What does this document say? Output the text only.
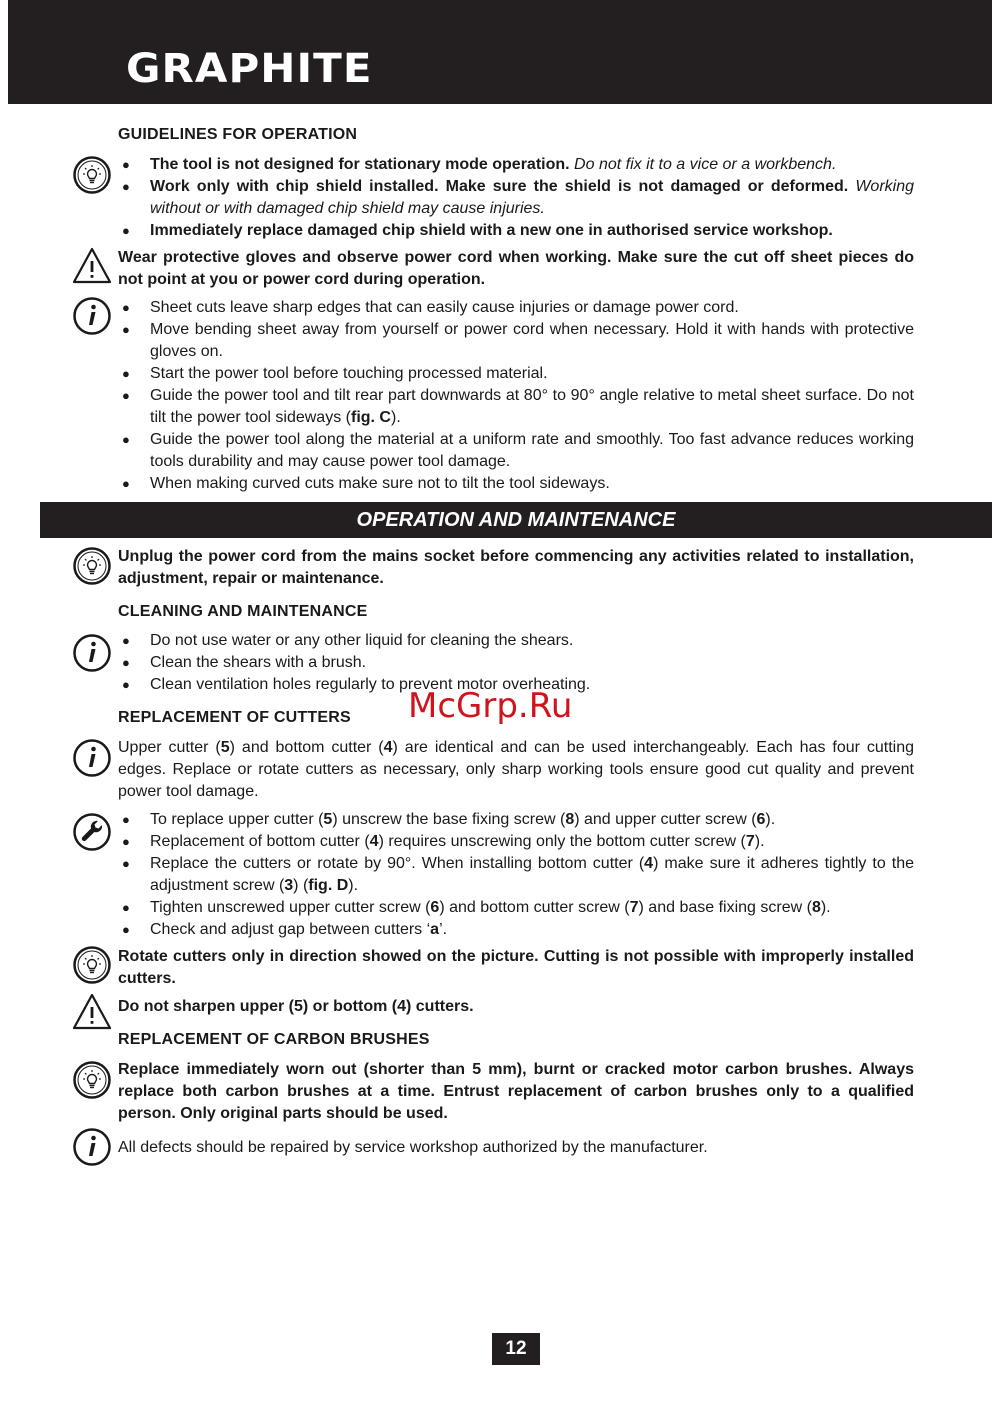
GRAPHITE
GUIDELINES FOR OPERATION
● The tool is not designed for stationary mode operation. Do not fix it to a vice or a workbench.
● Work only with chip shield installed. Make sure the shield is not damaged or deformed. Working without or with damaged chip shield may cause injuries.
● Immediately replace damaged chip shield with a new one in authorised service workshop.
Wear protective gloves and observe power cord when working. Make sure the cut off sheet pieces do not point at you or power cord during operation.
● Sheet cuts leave sharp edges that can easily cause injuries or damage power cord.
● Move bending sheet away from yourself or power cord when necessary. Hold it with hands with protective gloves on.
● Start the power tool before touching processed material.
● Guide the power tool and tilt rear part downwards at 80° to 90° angle relative to metal sheet surface. Do not tilt the power tool sideways (fig. C).
● Guide the power tool along the material at a uniform rate and smoothly. Too fast advance reduces working tools durability and may cause power tool damage.
● When making curved cuts make sure not to tilt the tool sideways.
OPERATION AND MAINTENANCE
Unplug the power cord from the mains socket before commencing any activities related to installation, adjustment, repair or maintenance.
CLEANING AND MAINTENANCE
● Do not use water or any other liquid for cleaning the shears.
● Clean the shears with a brush.
● Clean ventilation holes regularly to prevent motor overheating.
REPLACEMENT OF CUTTERS
Upper cutter (5) and bottom cutter (4) are identical and can be used interchangeably. Each has four cutting edges. Replace or rotate cutters as necessary, only sharp working tools ensure good cut quality and prevent power tool damage.
● To replace upper cutter (5) unscrew the base fixing screw (8) and upper cutter screw (6).
● Replacement of bottom cutter (4) requires unscrewing only the bottom cutter screw (7).
● Replace the cutters or rotate by 90°. When installing bottom cutter (4) make sure it adheres tightly to the adjustment screw (3) (fig. D).
● Tighten unscrewed upper cutter screw (6) and bottom cutter screw (7) and base fixing screw (8).
● Check and adjust gap between cutters ‘a’.
Rotate cutters only in direction showed on the picture. Cutting is not possible with improperly installed cutters.
Do not sharpen upper (5) or bottom (4) cutters.
REPLACEMENT OF CARBON BRUSHES
Replace immediately worn out (shorter than 5 mm), burnt or cracked motor carbon brushes. Always replace both carbon brushes at a time. Entrust replacement of carbon brushes only to a qualified person. Only original parts should be used.
All defects should be repaired by service workshop authorized by the manufacturer.
McGrp.Ru
12
